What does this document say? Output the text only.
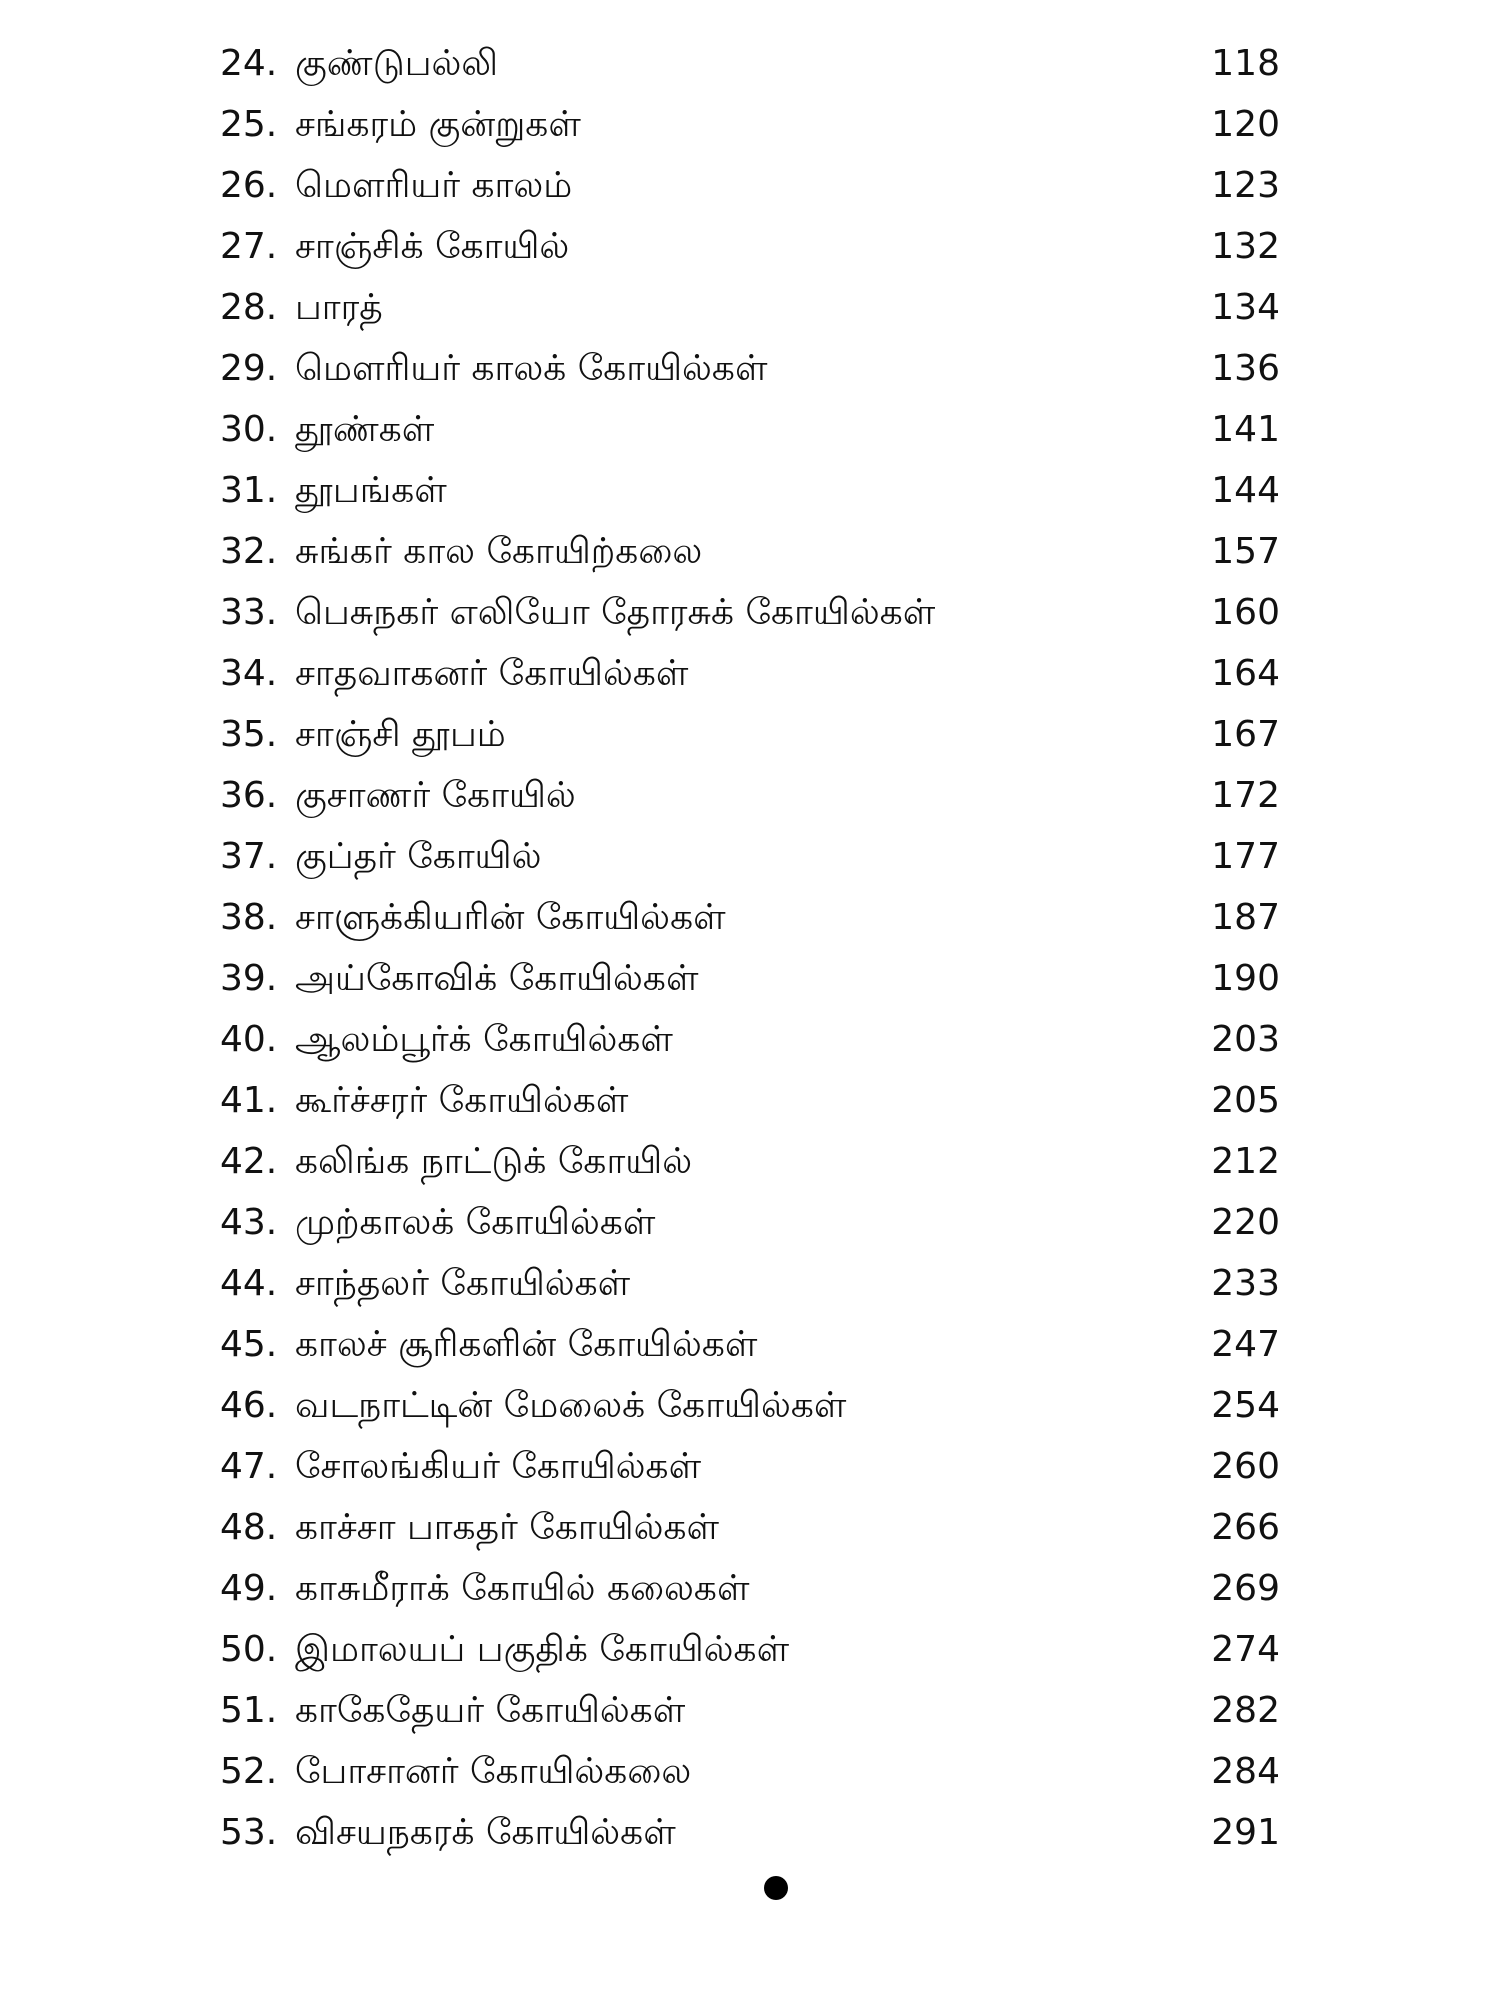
24. குண்டுபல்லி	118
25. சங்கரம் குன்றுகள்	120
26. மௌரியர் காலம்	123
27. சாஞ்சிக் கோயில்	132
28. பாரத்	134
29. மௌரியர் காலக் கோயில்கள்	136
30. தூண்கள்	141
31. தூபங்கள்	144
32. சுங்கர் கால கோயிற்கலை	157
33. பெசுநகர் எலியோ தோரசுக் கோயில்கள்	160
34. சாதவாகனர் கோயில்கள்	164
35. சாஞ்சி தூபம்	167
36. குசாணர் கோயில்	172
37. குப்தர் கோயில்	177
38. சாளுக்கியரின் கோயில்கள்	187
39. அய்கோவிக் கோயில்கள்	190
40. ஆலம்பூர்க் கோயில்கள்	203
41. கூர்ச்சரர் கோயில்கள்	205
42. கலிங்க நாட்டுக் கோயில்	212
43. முற்காலக் கோயில்கள்	220
44. சாந்தலர் கோயில்கள்	233
45. காலச் சூரிகளின் கோயில்கள்	247
46. வடநாட்டின் மேலைக் கோயில்கள்	254
47. சோலங்கியர் கோயில்கள்	260
48. காச்சா பாகதர் கோயில்கள்	266
49. காசுமீராக் கோயில் கலைகள்	269
50. இமாலயப் பகுதிக் கோயில்கள்	274
51. காகேதேயர் கோயில்கள்	282
52. போசானர் கோயில்கலை	284
53. விசயநகரக் கோயில்கள்	291
